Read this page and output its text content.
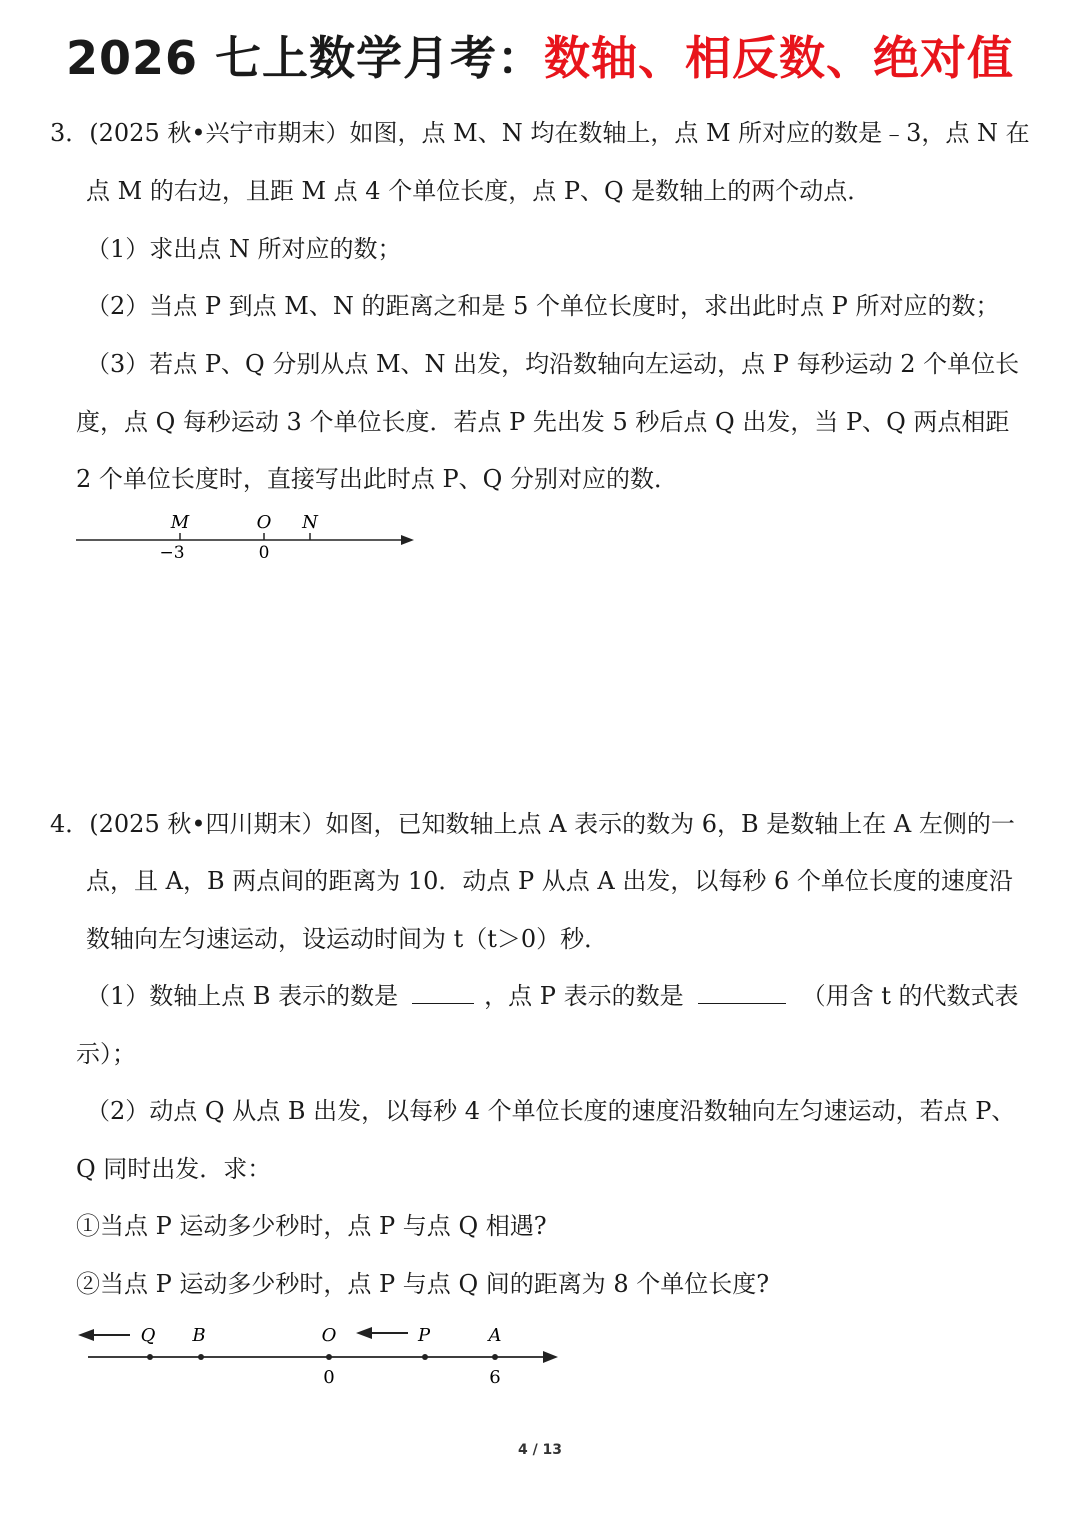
2026 七上数学月考：数轴、相反数、绝对值
3．(2025 秋•兴宁市期末）如图，点 M、N 均在数轴上，点 M 所对应的数是﹣3，点 N 在
点 M 的右边，且距 M 点 4 个单位长度，点 P、Q 是数轴上的两个动点．
（1）求出点 N 所对应的数；
（2）当点 P 到点 M、N 的距离之和是 5 个单位长度时，求出此时点 P 所对应的数；
（3）若点 P、Q 分别从点 M、N 出发，均沿数轴向左运动，点 P 每秒运动 2 个单位长
度，点 Q 每秒运动 3 个单位长度．若点 P 先出发 5 秒后点 Q 出发，当 P、Q 两点相距
2 个单位长度时，直接写出此时点 P、Q 分别对应的数．
M	O N
−3	0
4．(2025 秋•四川期末）如图，已知数轴上点 A 表示的数为 6，B 是数轴上在 A 左侧的一
点，且 A，B 两点间的距离为 10．动点 P 从点 A 出发，以每秒 6 个单位长度的速度沿
数轴向左匀速运动，设运动时间为 t（t＞0）秒．
（1）数轴上点 B 表示的数是	，点 P 表示的数是	（用含 t 的代数式表
示）；
（2）动点 Q 从点 B 出发，以每秒 4 个单位长度的速度沿数轴向左匀速运动，若点 P、
Q 同时出发．求：
①当点 P 运动多少秒时，点 P 与点 Q 相遇?
②当点 P 运动多少秒时，点 P 与点 Q 间的距离为 8 个单位长度?
Q B	O	P	A
0	6
4 / 13
